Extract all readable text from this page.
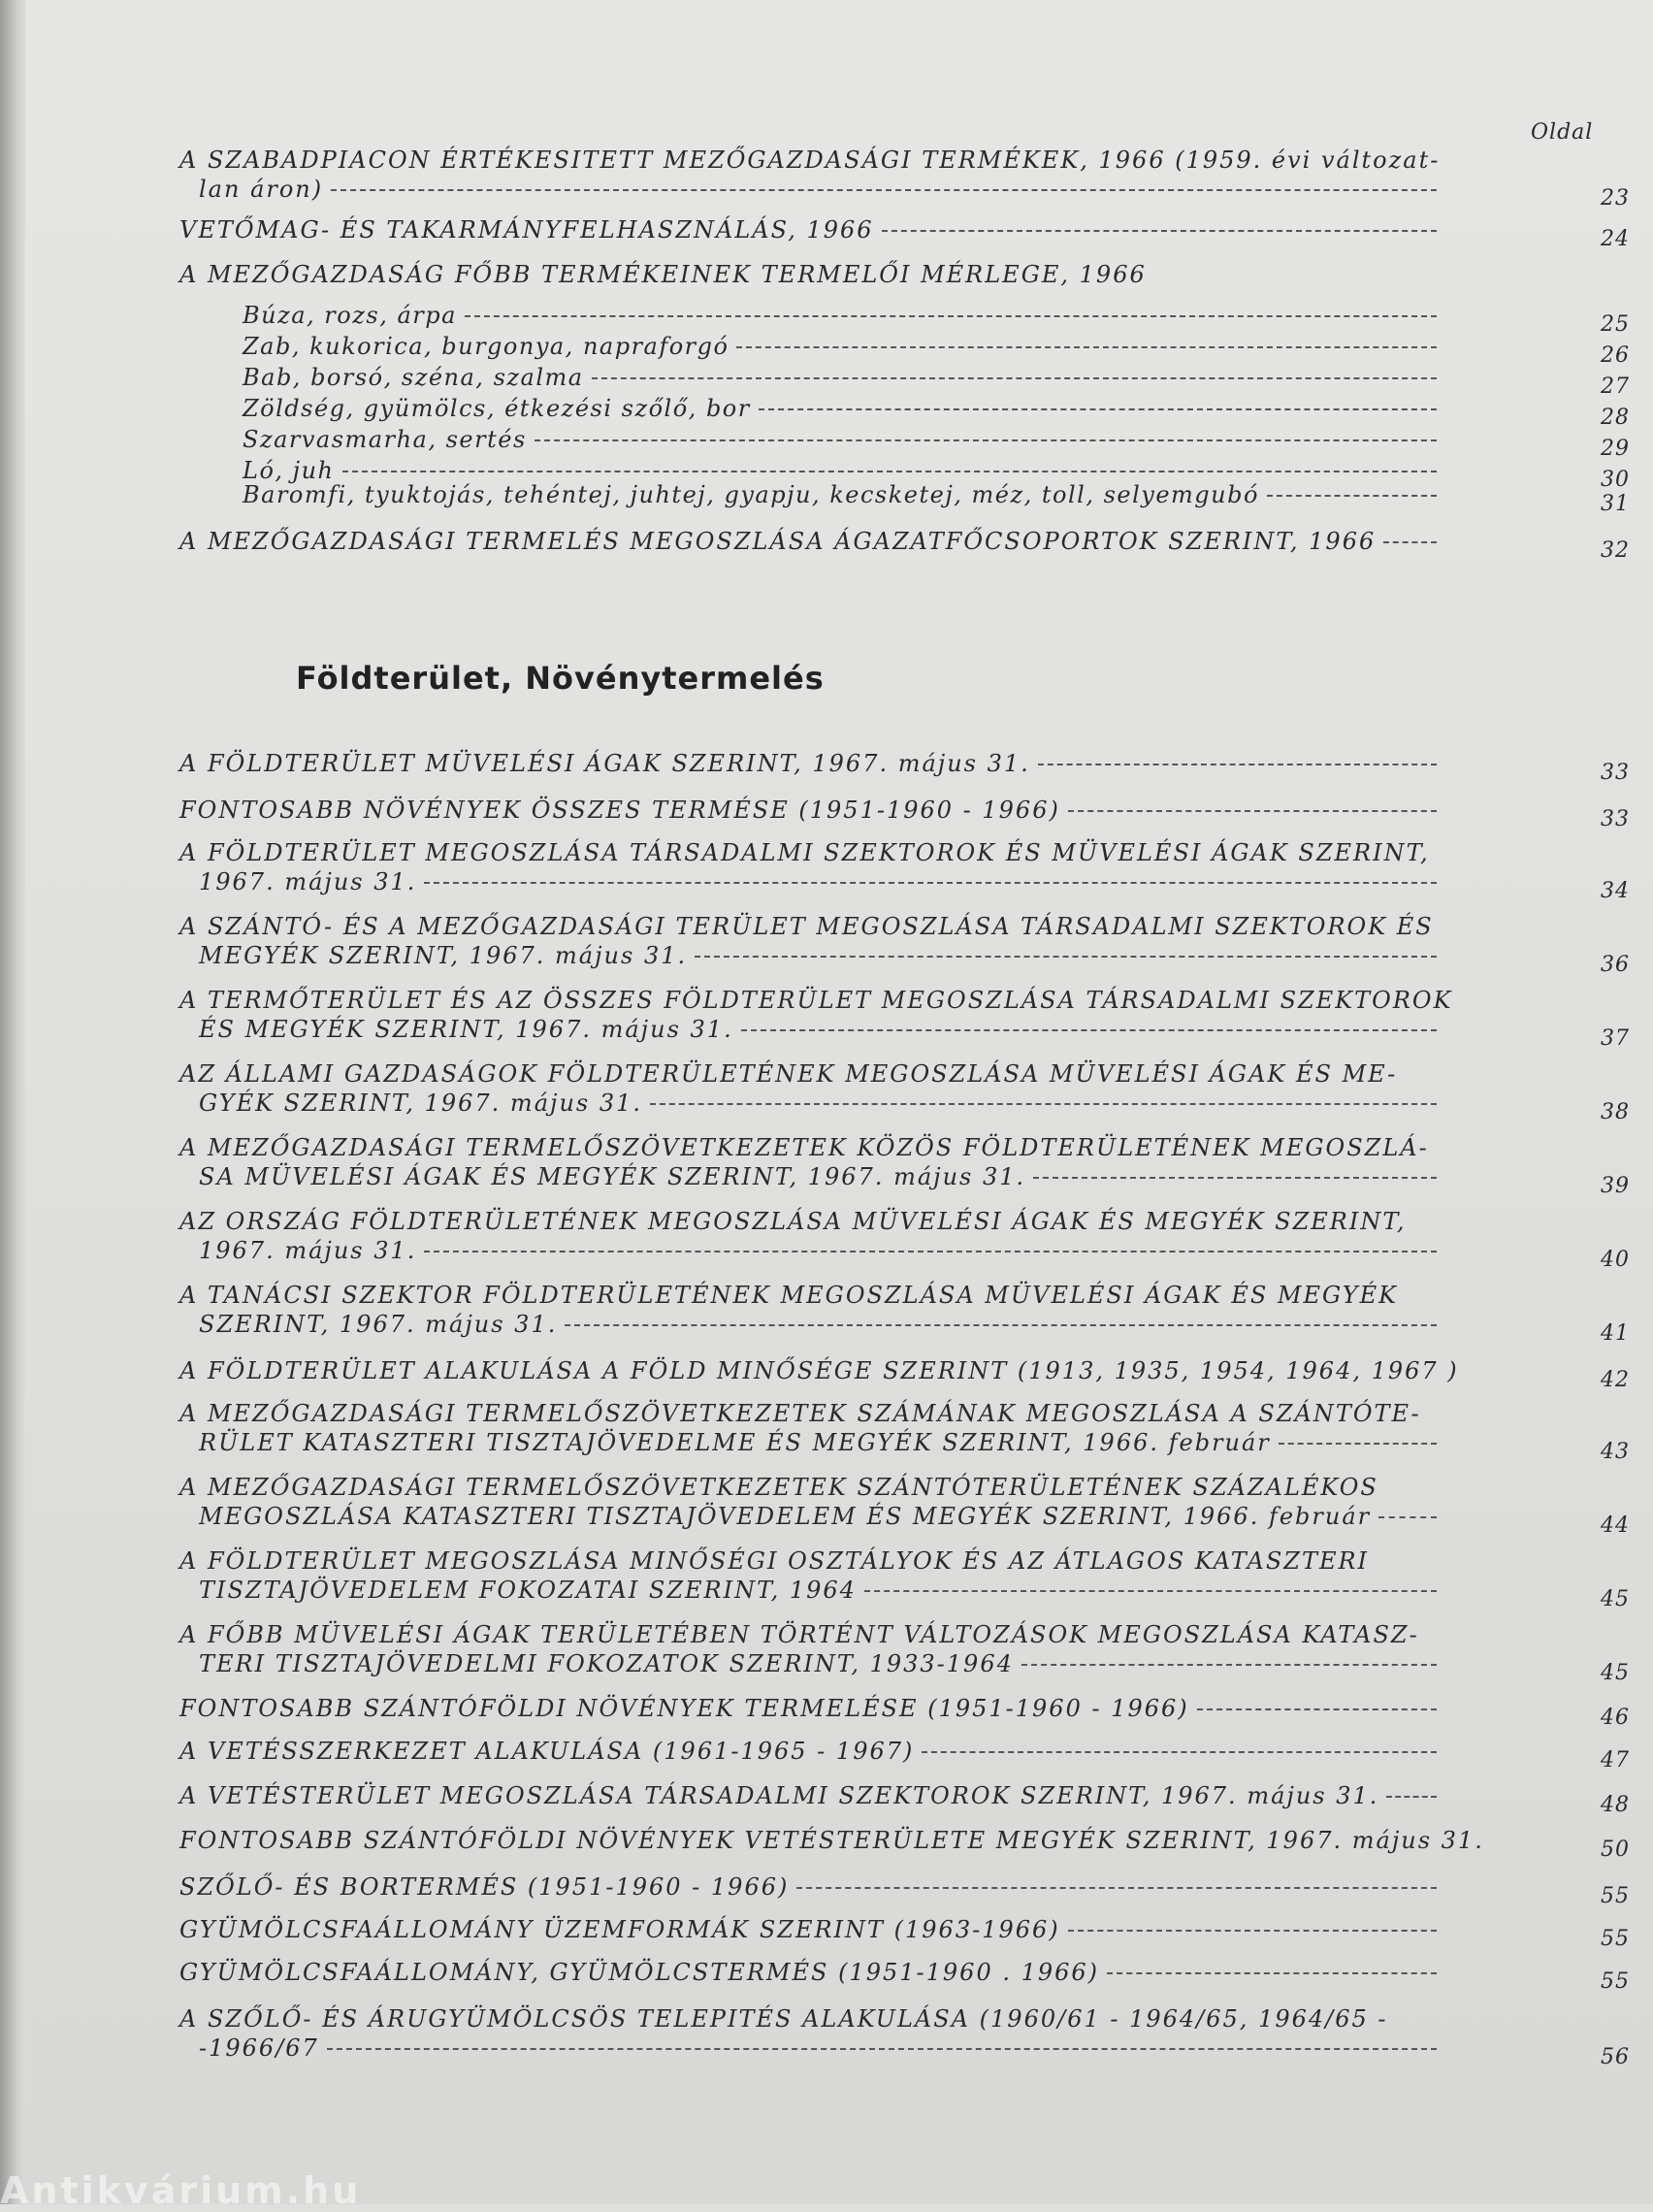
Oldal
A SZABADPIACON ÉRTÉKESITETT MEZŐGAZDASÁGI TERMÉKEK, 1966 (1959. évi változat-
lan áron)	23
VETŐMAG- ÉS TAKARMÁNYFELHASZNÁLÁS, 1966	24
A MEZŐGAZDASÁG FŐBB TERMÉKEINEK TERMELŐI MÉRLEGE, 1966
Búza, rozs, árpa	25
Zab, kukorica, burgonya, napraforgó	26
Bab, borsó, széna, szalma	27
Zöldség, gyümölcs, étkezési szőlő, bor	28
Szarvasmarha, sertés	29
Ló, juh	30
Baromfi, tyuktojás, tehéntej, juhtej, gyapju, kecsketej, méz, toll, selyemgubó	31
A MEZŐGAZDASÁGI TERMELÉS MEGOSZLÁSA ÁGAZATFŐCSOPORTOK SZERINT, 1966	32
A FÖLDTERÜLET MÜVELÉSI ÁGAK SZERINT, 1967. május 31.	33
FONTOSABB NÖVÉNYEK ÖSSZES TERMÉSE (1951-1960 - 1966)	33
A FÖLDTERÜLET MEGOSZLÁSA TÁRSADALMI SZEKTOROK ÉS MÜVELÉSI ÁGAK SZERINT,
1967. május 31.	34
A SZÁNTÓ- ÉS A MEZŐGAZDASÁGI TERÜLET MEGOSZLÁSA TÁRSADALMI SZEKTOROK ÉS
MEGYÉK SZERINT, 1967. május 31.	36
A TERMŐTERÜLET ÉS AZ ÖSSZES FÖLDTERÜLET MEGOSZLÁSA TÁRSADALMI SZEKTOROK
ÉS MEGYÉK SZERINT, 1967. május 31.	37
AZ ÁLLAMI GAZDASÁGOK FÖLDTERÜLETÉNEK MEGOSZLÁSA MÜVELÉSI ÁGAK ÉS ME-
GYÉK SZERINT, 1967. május 31.	38
A MEZŐGAZDASÁGI TERMELŐSZÖVETKEZETEK KÖZÖS FÖLDTERÜLETÉNEK MEGOSZLÁ-
SA MÜVELÉSI ÁGAK ÉS MEGYÉK SZERINT, 1967. május 31.	39
AZ ORSZÁG FÖLDTERÜLETÉNEK MEGOSZLÁSA MÜVELÉSI ÁGAK ÉS MEGYÉK SZERINT,
1967. május 31.	40
A TANÁCSI SZEKTOR FÖLDTERÜLETÉNEK MEGOSZLÁSA MÜVELÉSI ÁGAK ÉS MEGYÉK
SZERINT, 1967. május 31.	41
A FÖLDTERÜLET ALAKULÁSA A FÖLD MINŐSÉGE SZERINT (1913, 1935, 1954, 1964, 1967 )	42
A MEZŐGAZDASÁGI TERMELŐSZÖVETKEZETEK SZÁMÁNAK MEGOSZLÁSA A SZÁNTÓTE-
RÜLET KATASZTERI TISZTAJÖVEDELME ÉS MEGYÉK SZERINT, 1966. február	43
A MEZŐGAZDASÁGI TERMELŐSZÖVETKEZETEK SZÁNTÓTERÜLETÉNEK SZÁZALÉKOS
MEGOSZLÁSA KATASZTERI TISZTAJÖVEDELEM ÉS MEGYÉK SZERINT, 1966. február	44
A FÖLDTERÜLET MEGOSZLÁSA MINŐSÉGI OSZTÁLYOK ÉS AZ ÁTLAGOS KATASZTERI
TISZTAJÖVEDELEM FOKOZATAI SZERINT, 1964	45
A FŐBB MÜVELÉSI ÁGAK TERÜLETÉBEN TÖRTÉNT VÁLTOZÁSOK MEGOSZLÁSA KATASZ-
TERI TISZTAJÖVEDELMI FOKOZATOK SZERINT, 1933-1964	45
FONTOSABB SZÁNTÓFÖLDI NÖVÉNYEK TERMELÉSE (1951-1960 - 1966)	46
A VETÉSSZERKEZET ALAKULÁSA (1961-1965 - 1967)	47
A VETÉSTERÜLET MEGOSZLÁSA TÁRSADALMI SZEKTOROK SZERINT, 1967. május 31.	48
FONTOSABB SZÁNTÓFÖLDI NÖVÉNYEK VETÉSTERÜLETE MEGYÉK SZERINT, 1967. május 31.	50
SZŐLŐ- ÉS BORTERMÉS (1951-1960 - 1966)	55
GYÜMÖLCSFAÁLLOMÁNY ÜZEMFORMÁK SZERINT (1963-1966)	55
GYÜMÖLCSFAÁLLOMÁNY, GYÜMÖLCSTERMÉS (1951-1960 . 1966)	55
A SZŐLŐ- ÉS ÁRUGYÜMÖLCSÖS TELEPITÉS ALAKULÁSA (1960/61 - 1964/65, 1964/65 -
-1966/67	56
Földterület, Növénytermelés
Antikvárium.hu
